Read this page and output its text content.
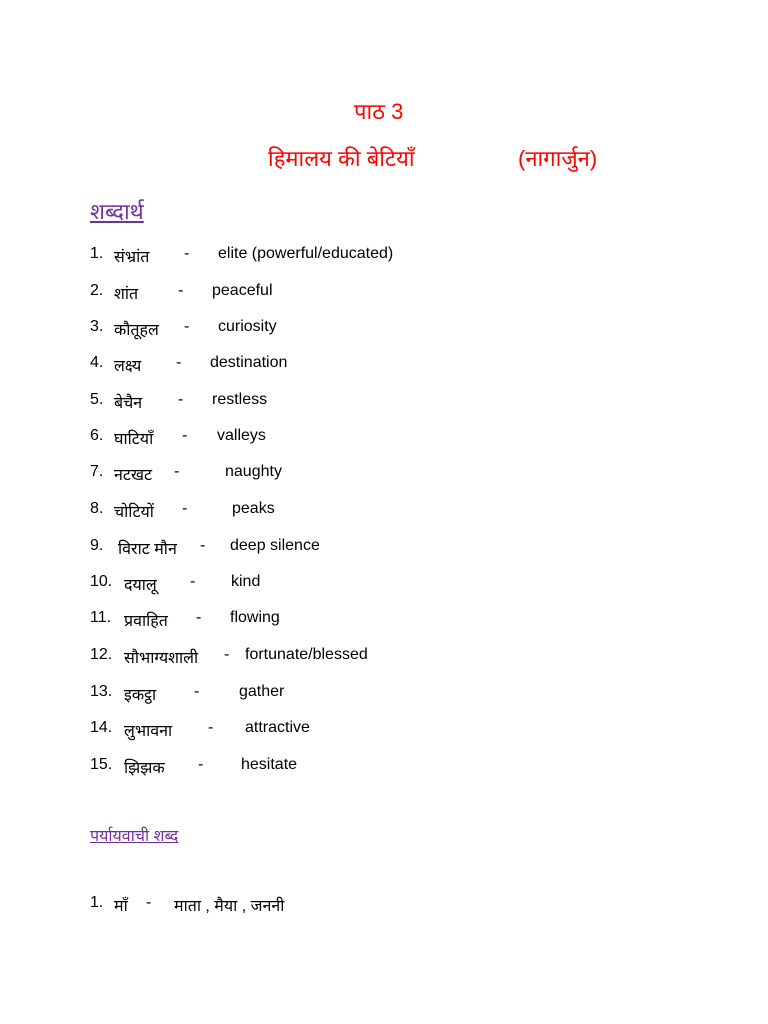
पाठ 3
हिमालय की बेटियाँ	(नागार्जुन)
शब्दार्थ
1. संभ्रांत - elite (powerful/educated)
2. शांत - peaceful
3. कौतूहल - curiosity
4. लक्ष्य - destination
5. बेचैन - restless
6. घाटियाँ - valleys
7. नटखट -	naughty
8. चोटियों -	peaks
9. विराट मौन - deep silence
10. दयालू - kind
11. प्रवाहित - flowing
12. सौभाग्यशाली - fortunate/blessed
13. इकट्ठा - gather
14. लुभावना - attractive
15. झिझक - hesitate
पर्यायवाची शब्द
1. माँ - माता , मैया , जननी
